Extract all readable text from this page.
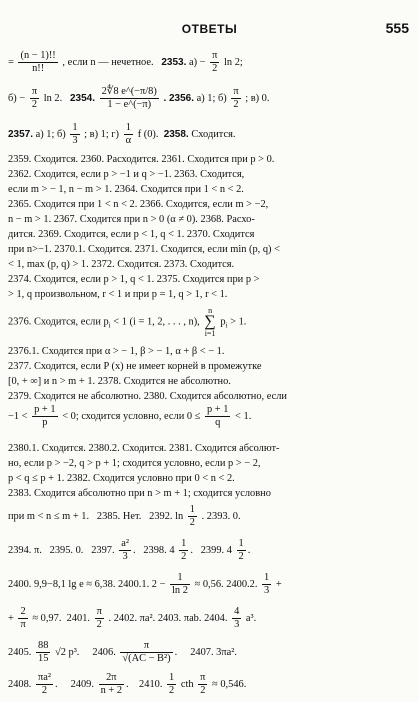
ОТВЕТЫ	555
= $\frac{(n - 1)!!}{n!!}$ , если n — нечетное. 2353. $а) - \frac{\pi}{2}$ ln 2;
$б) - \frac{\pi}{2}$ ln 2. 2354. $\frac{2∜8 e\^{}(-\pi/8)}{1 - e\^{}(-\pi)}$ . 2356. а) 1; $б) \frac{\pi}{2}$ ; в) 0.
2357. а) 1; $б) \frac{1}{3}$ ; в) 1; $г) \frac{1}{\alpha}$ f (0). 2358. Сходится.
2359. Сходится. 2360. Расходится. 2361. Сходится при p > 0.
2362. Сходится, если p > −1 и q > −1. 2363. Сходится,
если m > − 1, n − m > 1. 2364. Сходится при 1 < n < 2.
2365. Сходится при 1 < n < 2. 2366. Сходится, если m > −2,
n − m > 1. 2367. Сходится при n > 0 (α ≠ 0). 2368. Расхо-
дится. 2369. Сходится, если p < 1, q < 1. 2370. Сходится
при n>−1. 2370.1. Сходится. 2371. Сходится, если min (p, q) <
< 1, max (p, q) > 1. 2372. Сходится. 2373. Сходится.
2374. Сходится, если p > 1, q < 1. 2375. Сходится при p >
> 1, q произвольном, r < 1 и при p = 1, q > 1, r < 1.
2376. Сходится, если $p_i < 1$ (i = 1, 2, . . . , n),
n
∑
i=1
$p_i > 1$.
2376.1. Сходится при α > − 1, β > − 1, α + β < − 1.
2377. Сходится, если P (x) не имеет корней в промежутке
[0, + ∞] и n > m + 1. 2378. Сходится не абсолютно.
2379. Сходится не абсолютно. 2380. Сходится абсолютно, если
$-1 < \frac{p + 1}{p} < 0$; сходится условно, если $0 \le \frac{p + 1}{q} < 1$.
2380.1. Сходится. 2380.2. Сходится. 2381. Сходится абсолют-
но, если p > −2, q > p + 1; сходится условно, если p > − 2,
p < q ≤ p + 1. 2382. Сходится условно при 0 < n < 2.
2383. Сходится абсолютно при n > m + 1; сходится условно
при m < n ≤ m + 1. 2385. Нет. 2392. $\ln \frac{1}{2}$ . 2393. 0.
2394. π. 2395. 0. 2397. $\frac{\text{a²}}{3}$ . 2398. $4 \frac{1}{2}$ . 2399. $4 \frac{1}{2}$ .
2400. 9,9−8,1 lg e ≈ 6,38. 2400.1. $2 - \frac{1}{\ln 2} \approx 0,56$. 2400.2. $\frac{1}{3}$ +
+ $\frac{2}{\pi} \approx 0,97$. 2401. $\frac{\pi}{2}$ . 2402. πa². 2403. πab. 2404. $\frac{4}{3} a^3$.
2405. $\frac{88}{15} √2$ p³. 2406. $\frac{\pi}{\text{√(AC − B²)}}$ . 2407. 3πa².
2408. $\frac{\text{πa²}}{2}$ . 2409. $\frac{2\pi}{n + 2}$ . 2410. $\frac{1}{2}$ cth $\frac{\pi}{2} \approx 0,546$.
